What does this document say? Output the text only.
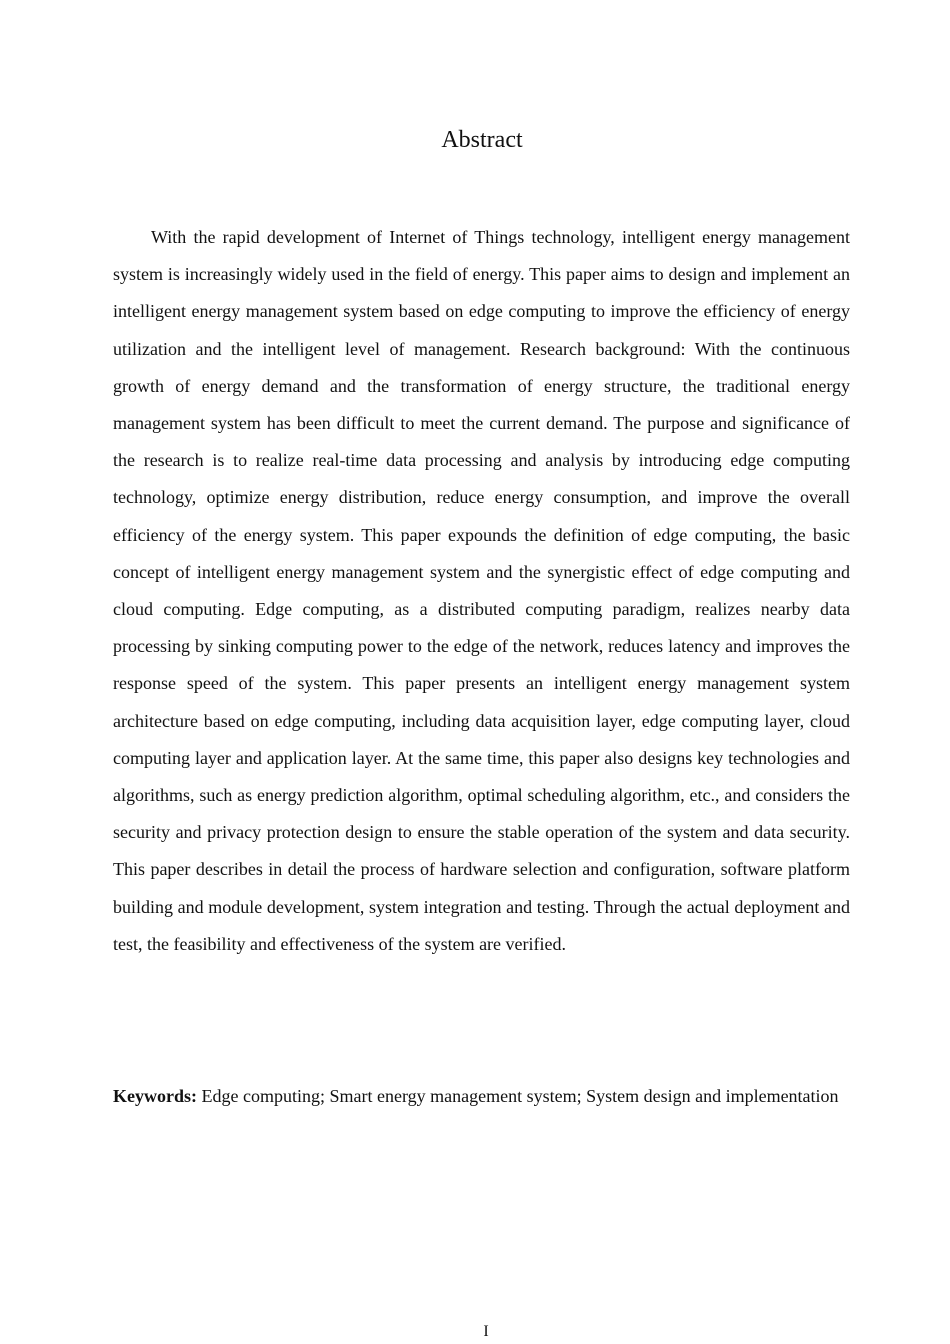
Abstract

With the rapid development of Internet of Things technology, intelligent energy management system is increasingly widely used in the field of energy. This paper aims to design and implement an intelligent energy management system based on edge computing to improve the efficiency of energy utilization and the intelligent level of management. Research background: With the continuous growth of energy demand and the transformation of energy structure, the traditional energy management system has been difficult to meet the current demand. The purpose and significance of the research is to realize real-time data processing and analysis by introducing edge computing technology, optimize energy distribution, reduce energy consumption, and improve the overall efficiency of the energy system. This paper expounds the definition of edge computing, the basic concept of intelligent energy management system and the synergistic effect of edge computing and cloud computing. Edge computing, as a distributed computing paradigm, realizes nearby data processing by sinking computing power to the edge of the network, reduces latency and improves the response speed of the system. This paper presents an intelligent energy management system architecture based on edge computing, including data acquisition layer, edge computing layer, cloud computing layer and application layer. At the same time, this paper also designs key technologies and algorithms, such as energy prediction algorithm, optimal scheduling algorithm, etc., and considers the security and privacy protection design to ensure the stable operation of the system and data security. This paper describes in detail the process of hardware selection and configuration, software platform building and module development, system integration and testing. Through the actual deployment and test, the feasibility and effectiveness of the system are verified.

Keywords: Edge computing; Smart energy management system; System design and implementation

I
